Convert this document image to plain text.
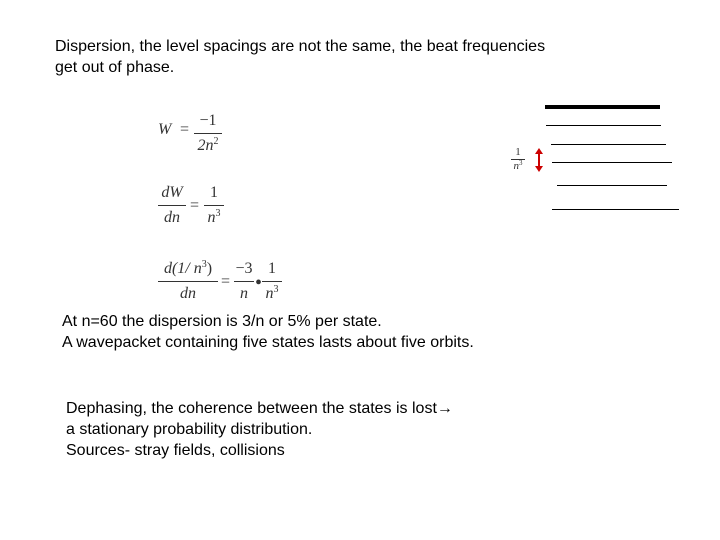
Dispersion, the level spacings are not the same, the beat frequencies
get out of phase.
W =
−1
$2n^2$
dW
dn
=
1
$n^3$
d(1/ $n^3$)
dn
=
−3
n •
1
$n^3$
1
$n^3$
At n=60 the dispersion is 3/n or 5% per state.
A wavepacket containing five states lasts about five orbits.
Dephasing, the coherence between the states is lost→
a stationary probability distribution.
Sources- stray fields, collisions
